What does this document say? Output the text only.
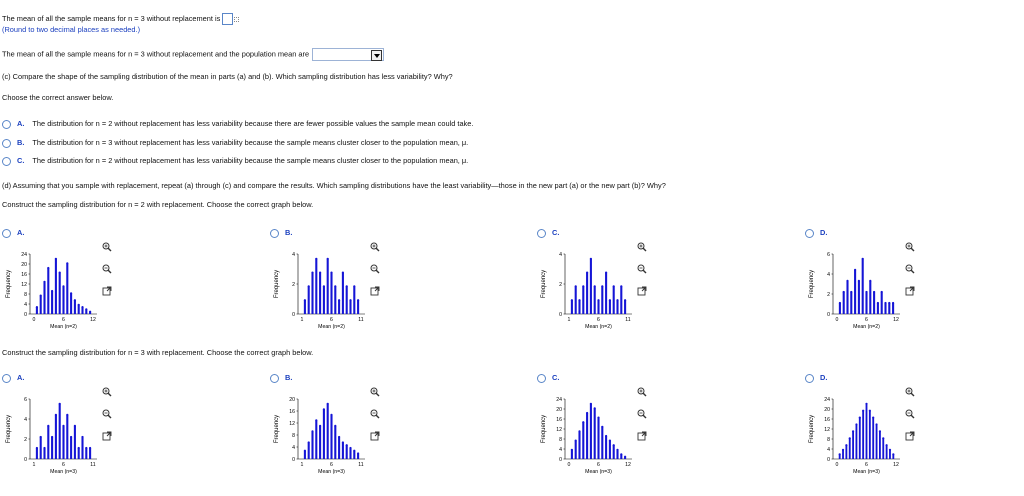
The mean of all the sample means for n = 3 without replacement is
(Round to two decimal places as needed.)
The mean of all the sample means for n = 3 without replacement and the population mean are
(c) Compare the shape of the sampling distribution of the mean in parts (a) and (b). Which sampling distribution has less variability? Why?
Choose the correct answer below.
A. The distribution for n = 2 without replacement has less variability because there are fewer possible values the sample mean could take.
B. The distribution for n = 3 without replacement has less variability because the sample means cluster closer to the population mean, μ.
C. The distribution for n = 2 without replacement has less variability because the sample means cluster closer to the population mean, μ.
(d) Assuming that you sample with replacement, repeat (a) through (c) and compare the results. Which sampling distributions have the least variability—those in the new part (a) or the new part (b)? Why?
Construct the sampling distribution for n = 2 with replacement. Choose the correct graph below.
Construct the sampling distribution for n = 3 with replacement. Choose the correct graph below.
A.
Frequency
24
20
16
12
8
4
0
0	6	12
Mean (n=2)
B.
Frequency
4
2
0
1	6	11
Mean (n=2)
C.
Frequency
4
2
0
1	6	11
Mean (n=2)
D.
Frequency
6
4
2
0
0	6	12
Mean (n=2)
A.
Frequency
6
4
2
0
1	6	11
Mean (n=3)
B.
Frequency
20
16
12
8
4
0
1	6	11
Mean (n=3)
C.
Frequency
24
20
16
12
8
4
0
0	6	12
Mean (n=3)
D.
Frequency
24
20
16
12
8
4
0
0	6	12
Mean (n=3)
